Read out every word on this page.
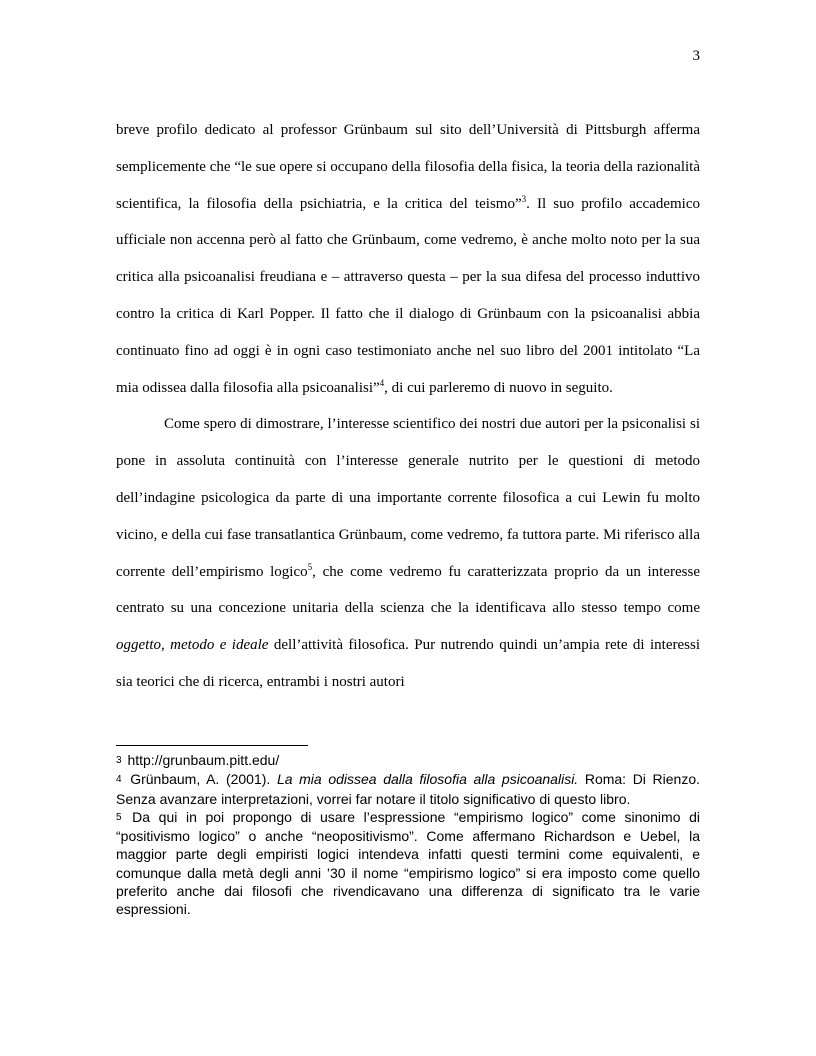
3

breve profilo dedicato al professor Grünbaum sul sito dell’Università di Pittsburgh afferma semplicemente che “le sue opere si occupano della filosofia della fisica, la teoria della razionalità scientifica, la filosofia della psichiatria, e la critica del teismo”$^3$. Il suo profilo accademico ufficiale non accenna però al fatto che Grünbaum, come vedremo, è anche molto noto per la sua critica alla psicoanalisi freudiana e – attraverso questa – per la sua difesa del processo induttivo contro la critica di Karl Popper. Il fatto che il dialogo di Grünbaum con la psicoanalisi abbia continuato fino ad oggi è in ogni caso testimoniato anche nel suo libro del 2001 intitolato “La mia odissea dalla filosofia alla psicoanalisi”$^4$, di cui parleremo di nuovo in seguito.

Come spero di dimostrare, l’interesse scientifico dei nostri due autori per la psiconalisi si pone in assoluta continuità con l’interesse generale nutrito per le questioni di metodo dell’indagine psicologica da parte di una importante corrente filosofica a cui Lewin fu molto vicino, e della cui fase transatlantica Grünbaum, come vedremo, fa tuttora parte. Mi riferisco alla corrente dell’empirismo logico$^5$, che come vedremo fu caratterizzata proprio da un interesse centrato su una concezione unitaria della scienza che la identificava allo stesso tempo come oggetto, metodo e ideale dell’attività filosofica. Pur nutrendo quindi un’ampia rete di interessi sia teorici che di ricerca, entrambi i nostri autori

3 http://grunbaum.pitt.edu/

4 Grünbaum, A. (2001). La mia odissea dalla filosofia alla psicoanalisi. Roma: Di Rienzo. Senza avanzare interpretazioni, vorrei far notare il titolo significativo di questo libro.

5 Da qui in poi propongo di usare l’espressione “empirismo logico” come sinonimo di “positivismo logico” o anche “neopositivismo”. Come affermano Richardson e Uebel, la maggior parte degli empiristi logici intendeva infatti questi termini come equivalenti, e comunque dalla metà degli anni ’30 il nome “empirismo logico” si era imposto come quello preferito anche dai filosofi che rivendicavano una differenza di significato tra le varie espressioni.
